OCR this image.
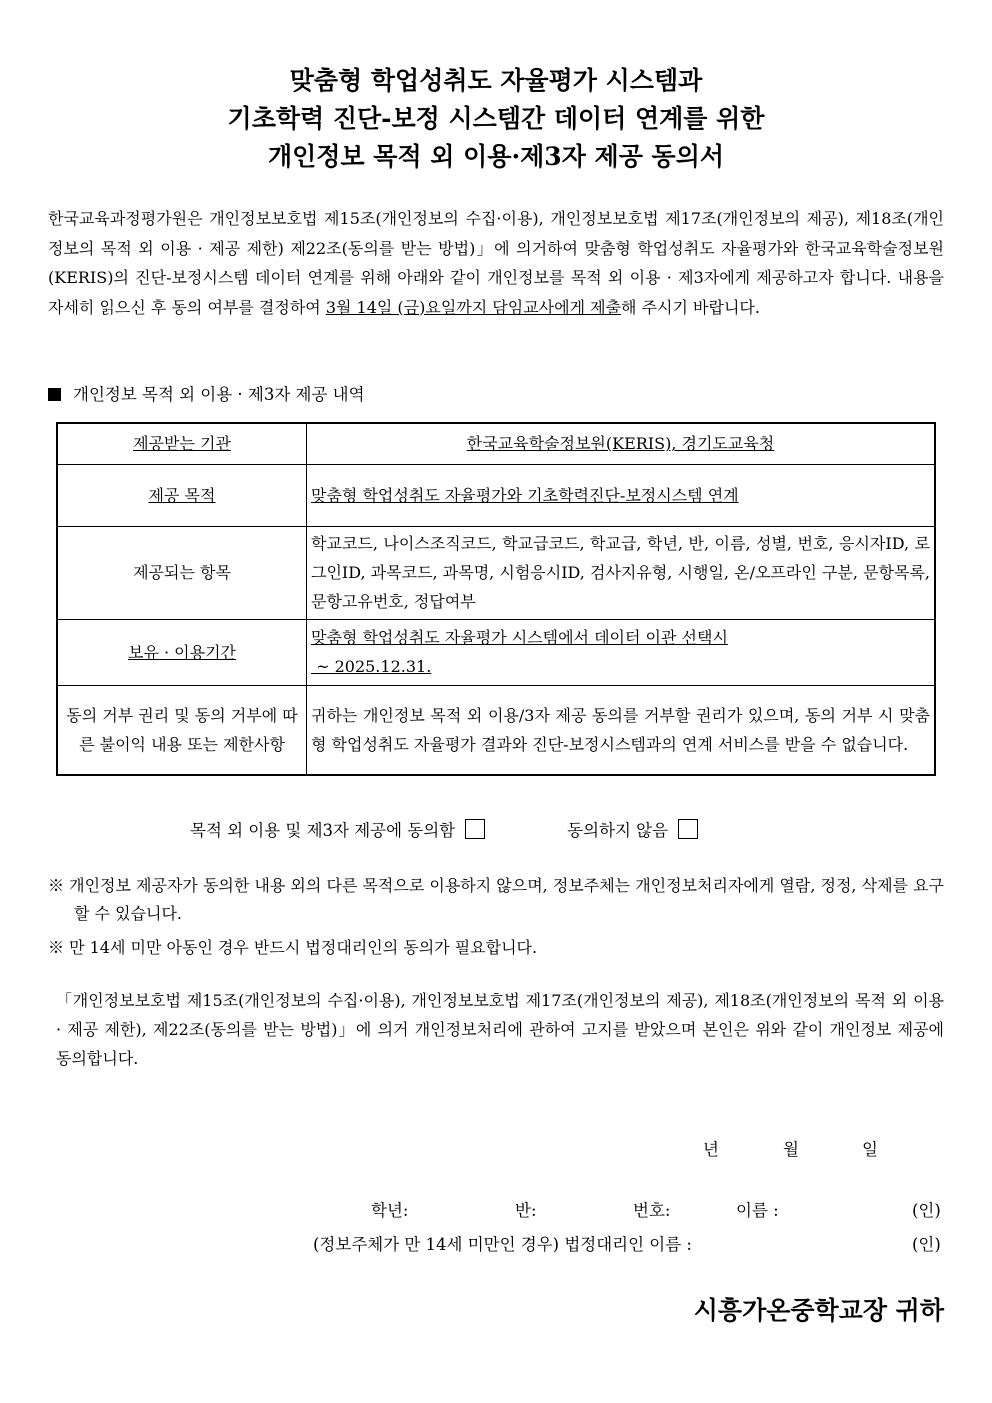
맞춤형 학업성취도 자율평가 시스템과
기초학력 진단-보정 시스템간 데이터 연계를 위한
개인정보 목적 외 이용·제3자 제공 동의서
한국교육과정평가원은 개인정보보호법 제15조(개인정보의 수집·이용), 개인정보보호법 제17조(개인정보의 제공), 제18조(개인정보의 목적 외 이용 · 제공 제한) 제22조(동의를 받는 방법)」에 의거하여 맞춤형 학업성취도 자율평가와 한국교육학술정보원(KERIS)의 진단-보정시스템 데이터 연계를 위해 아래와 같이 개인정보를 목적 외 이용 · 제3자에게 제공하고자 합니다. 내용을 자세히 읽으신 후 동의 여부를 결정하여 3월 14일 (금)요일까지 담임교사에게 제출해 주시기 바랍니다.
개인정보 목적 외 이용 · 제3자 제공 내역
제공받는 기관	한국교육학술정보원(KERIS), 경기도교육청
제공 목적	맞춤형 학업성취도 자율평가와 기초학력진단-보정시스템 연계
제공되는 항목	학교코드, 나이스조직코드, 학교급코드, 학교급, 학년, 반, 이름, 성별, 번호, 응시자ID, 로그인ID, 과목코드, 과목명, 시험응시ID, 검사지유형, 시행일, 온/오프라인 구분, 문항목록, 문항고유번호, 정답여부
보유 · 이용기간	맞춤형 학업성취도 자율평가 시스템에서 데이터 이관 선택시
~ 2025.12.31.

동의 거부 권리 및 동의 거부에 따른 불이익 내용 또는 제한사항	귀하는 개인정보 목적 외 이용/3자 제공 동의를 거부할 권리가 있으며, 동의 거부 시 맞춤형 학업성취도 자율평가 결과와 진단-보정시스템과의 연계 서비스를 받을 수 없습니다.
목적 외 이용 및 제3자 제공에 동의함	동의하지 않음
※ 개인정보 제공자가 동의한 내용 외의 다른 목적으로 이용하지 않으며, 정보주체는 개인정보처리자에게 열람, 정정, 삭제를 요구할 수 있습니다.
※ 만 14세 미만 아동인 경우 반드시 법정대리인의 동의가 필요합니다.
「개인정보보호법 제15조(개인정보의 수집·이용), 개인정보보호법 제17조(개인정보의 제공), 제18조(개인정보의 목적 외 이용 · 제공 제한), 제22조(동의를 받는 방법)」에 의거 개인정보처리에 관하여 고지를 받았으며 본인은 위와 같이 개인정보 제공에 동의합니다.
년	월	일
학년:	반:	번호:	이름 :	(인)
(정보주체가 만 14세 미만인 경우) 법정대리인 이름 :	(인)
시흥가온중학교장 귀하
